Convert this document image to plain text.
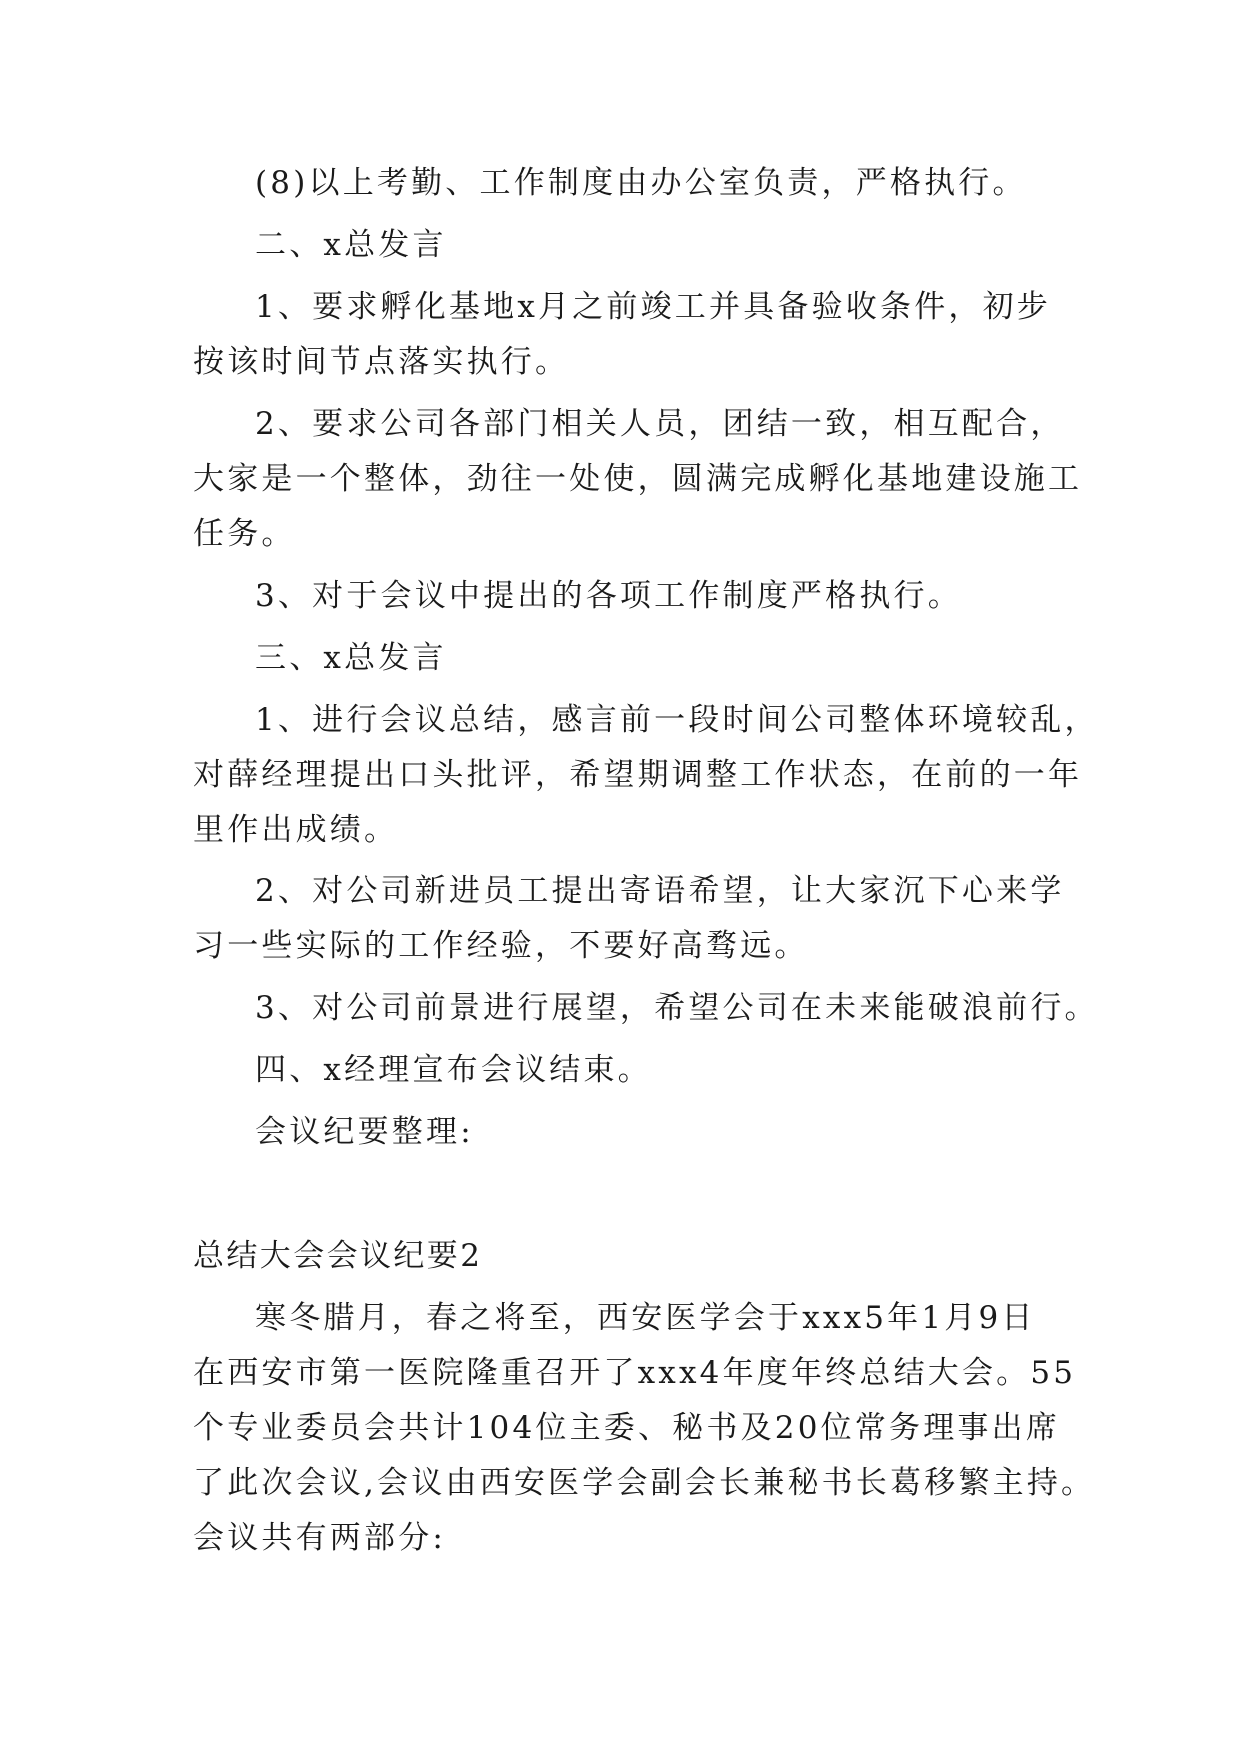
(8)以上考勤、工作制度由办公室负责，严格执行。

二、x总发言

1、要求孵化基地x月之前竣工并具备验收条件，初步

按该时间节点落实执行。

2、要求公司各部门相关人员，团结一致，相互配合，

大家是一个整体，劲往一处使，圆满完成孵化基地建设施工

任务。

3、对于会议中提出的各项工作制度严格执行。

三、x总发言

1、进行会议总结，感言前一段时间公司整体环境较乱，

对薛经理提出口头批评，希望期调整工作状态，在前的一年

里作出成绩。

2、对公司新进员工提出寄语希望，让大家沉下心来学

习一些实际的工作经验，不要好高骛远。

3、对公司前景进行展望，希望公司在未来能破浪前行。

四、x经理宣布会议结束。

会议纪要整理:

总结大会会议纪要2

寒冬腊月，春之将至，西安医学会于xxx5年1月9日

在西安市第一医院隆重召开了xxx4年度年终总结大会。55

个专业委员会共计104位主委、秘书及20位常务理事出席

了此次会议,会议由西安医学会副会长兼秘书长葛移繁主持。

会议共有两部分:
